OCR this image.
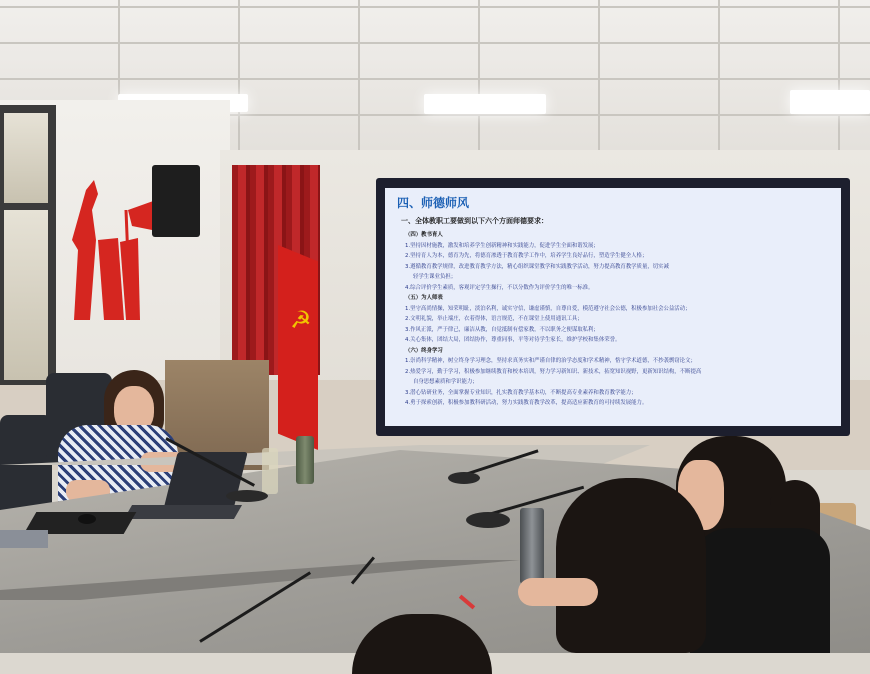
☭
四、师德师风
一、全体教职工要做到以下六个方面师德要求：
（四）教书育人
1.坚持因材施教，激发和培养学生创新精神和实践能力，促进学生全面和谐发展；
2.坚持育人为本，德育为先，将德育渗透于教育教学工作中，培养学生良好品行，塑造学生健全人格；
3.遵循教育教学规律，改进教育教学方法，精心组织课堂教学和实践教学活动，努力提高教育教学质量，切实减
轻学生课业负担；
4.综合评价学生素质，客观评定学生操行，不以分数作为评价学生的唯一标准。
（五）为人师表
1.坚守高尚情操，知荣明耻，淡泊名利，诚实守信，谦虚谨慎，自尊自爱，模范遵守社会公德，积极参加社会公益活动；
2.文明礼貌，举止端庄，衣着得体，语言规范，不在课堂上使用通讯工具；
3.作风正派，严于律己，廉洁从教，自觉抵制有偿家教，不以职务之便谋取私利；
4.关心集体，团结大局，团结协作，尊重同事，平等对待学生家长，维护学校和集体荣誉。
（六）终身学习
1.崇尚科学精神，树立终身学习理念，坚持求真务实和严谨自律的治学态度和学术精神，恪守学术道德，不抄袭剽窃论文；
2.热爱学习，勤于学习，积极参加继续教育和校本培训，努力学习新知识、新技术，拓宽知识视野，更新知识结构，不断提高
自身思想素质和学识能力；
3.潜心钻研业务，全面掌握专业知识，扎实教育教学基本功，不断提高专业素养和教育教学能力；
4.勇于探索创新，积极参加教科研活动，努力实践教育教学改革，提高适应新教育的可持续发展能力。
